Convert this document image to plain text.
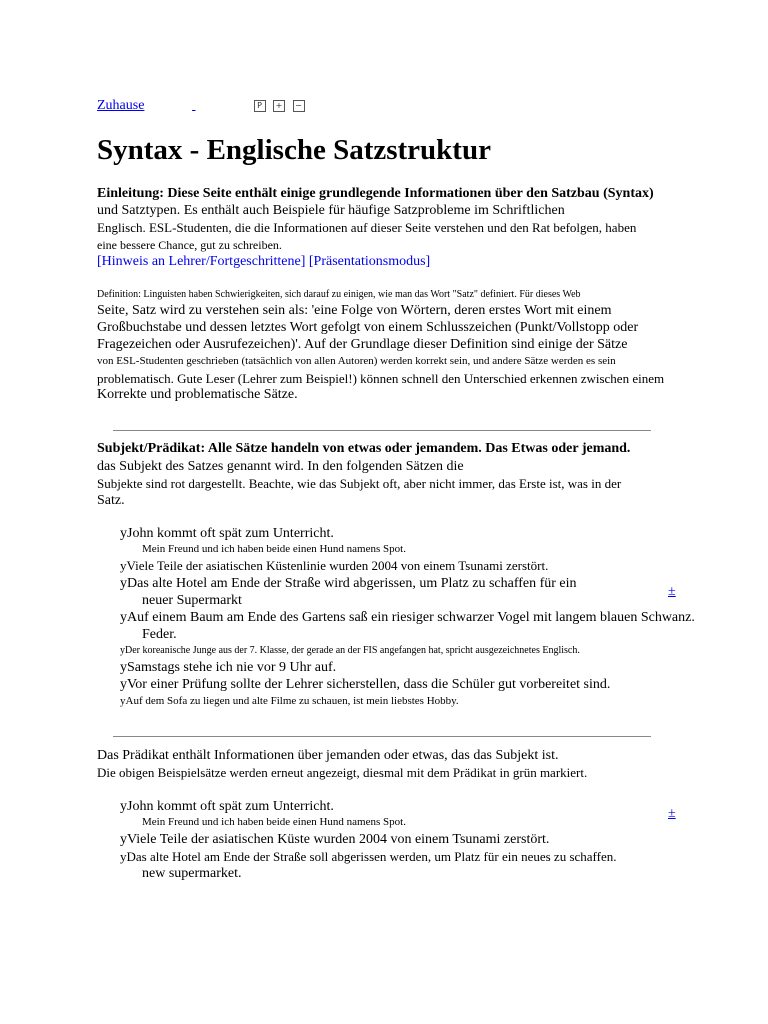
Zuhause	P + −
Syntax - Englische Satzstruktur
Einleitung: Diese Seite enthält einige grundlegende Informationen über den Satzbau (Syntax)
und Satztypen. Es enthält auch Beispiele für häufige Satzprobleme im Schriftlichen
Englisch. ESL-Studenten, die die Informationen auf dieser Seite verstehen und den Rat befolgen, haben
eine bessere Chance, gut zu schreiben.
[Hinweis an Lehrer/Fortgeschrittene] [Präsentationsmodus]
Definition: Linguisten haben Schwierigkeiten, sich darauf zu einigen, wie man das Wort "Satz" definiert. Für dieses Web
Seite, Satz wird zu verstehen sein als: 'eine Folge von Wörtern, deren erstes Wort mit einem
Großbuchstabe und dessen letztes Wort gefolgt von einem Schlusszeichen (Punkt/Vollstopp oder
Fragezeichen oder Ausrufezeichen)'. Auf der Grundlage dieser Definition sind einige der Sätze
von ESL-Studenten geschrieben (tatsächlich von allen Autoren) werden korrekt sein, und andere Sätze werden es sein
problematisch. Gute Leser (Lehrer zum Beispiel!) können schnell den Unterschied erkennen zwischen einem
Korrekte und problematische Sätze.
Subjekt/Prädikat: Alle Sätze handeln von etwas oder jemandem. Das Etwas oder jemand.
das Subjekt des Satzes genannt wird. In den folgenden Sätzen die
Subjekte sind rot dargestellt. Beachte, wie das Subjekt oft, aber nicht immer, das Erste ist, was in der
Satz.
yJohn kommt oft spät zum Unterricht.
Mein Freund und ich haben beide einen Hund namens Spot.
yViele Teile der asiatischen Küstenlinie wurden 2004 von einem Tsunami zerstört.
yDas alte Hotel am Ende der Straße wird abgerissen, um Platz zu schaffen für ein
neuer Supermarkt
±
yAuf einem Baum am Ende des Gartens saß ein riesiger schwarzer Vogel mit langem blauen Schwanz.
Feder.
yDer koreanische Junge aus der 7. Klasse, der gerade an der FIS angefangen hat, spricht ausgezeichnetes Englisch.
ySamstags stehe ich nie vor 9 Uhr auf.
yVor einer Prüfung sollte der Lehrer sicherstellen, dass die Schüler gut vorbereitet sind.
yAuf dem Sofa zu liegen und alte Filme zu schauen, ist mein liebstes Hobby.
Das Prädikat enthält Informationen über jemanden oder etwas, das das Subjekt ist.
Die obigen Beispielsätze werden erneut angezeigt, diesmal mit dem Prädikat in grün markiert.
yJohn kommt oft spät zum Unterricht.
Mein Freund und ich haben beide einen Hund namens Spot.
±
yViele Teile der asiatischen Küste wurden 2004 von einem Tsunami zerstört.
yDas alte Hotel am Ende der Straße soll abgerissen werden, um Platz für ein neues zu schaffen.
new supermarket.
